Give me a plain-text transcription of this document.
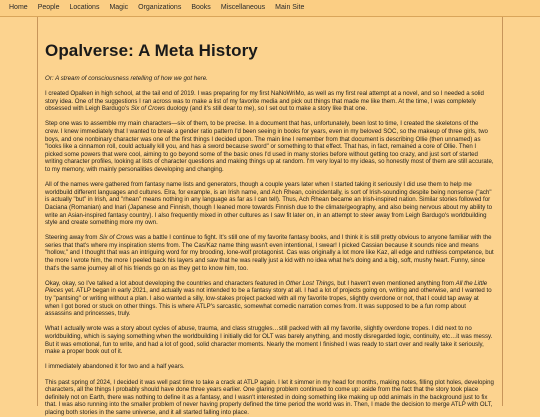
Home	People	Locations	Magic	Organizations	Books	Miscellaneous	Main Site
Opalverse: A Meta History
Or: A stream of consciousness retelling of how we got here.

I created Opalken in high school, at the tail end of 2019. I was preparing for my first NaNoWriMo, as well as my first real attempt at a novel, and so I needed a solid story idea. One of the suggestions I ran across was to make a list of my favorite media and pick out things that made me like them. At the time, I was completely obsessed with Leigh Bardugo's Six of Crows duology (and it's still dear to me), so I set out to make a story like that one.

Step one was to assemble my main characters—six of them, to be precise. In a document that has, unfortunately, been lost to time, I created the skeletons of the crew. I knew immediately that I wanted to break a gender ratio pattern I'd been seeing in books for years, even in my beloved SOC, so the makeup of three girls, two boys, and one nonbinary character was one of the first things I decided upon. The main line I remember from that document is describing Ollie (then unnamed) as "looks like a cinnamon roll, could actually kill you, and has a sword because sword" or something to that effect. That has, in fact, remained a core of Ollie. Then I picked some powers that were cool, aiming to go beyond some of the basic ones I'd used in many stories before without getting too crazy, and just sort of started writing character profiles, looking at lists of character questions and making things up at random. I'm very loyal to my ideas, so honestly most of them are still accurate, to my memory, with mainly personalities developing and changing.

All of the names were gathered from fantasy name lists and generators, though a couple years later when I started taking it seriously I did use them to help me worldbuild different languages and cultures. Elra, for example, is an Irish name, and Ach Rhean, coincidentally, is sort of Irish-sounding despite being nonsense ("ach" is actually "but" in Irish, and "rhean" means nothing in any language as far as I can tell). Thus, Ach Rhean became an Irish-inspired nation. Similar stories followed for Daciana (Romanian) and Inari (Japanese and Finnish, though I leaned more towards Finnish due to the climate/geography, and also being nervous about my ability to write an Asian-inspired fantasy country). I also frequently mixed in other cultures as I saw fit later on, in an attempt to steer away from Leigh Bardugo's worldbuilding style and create something more my own.

Steering away from Six of Crows was a battle I continue to fight. It's still one of my favorite fantasy books, and I think it is still pretty obvious to anyone familiar with the series that that's where my inspiration stems from. The Cas/Kaz name thing wasn't even intentional, I swear! I picked Cassian because it sounds nice and means "hollow," and I thought that was an intriguing word for my brooding, lone-wolf protagonist. Cas was originally a lot more like Kaz, all edge and ruthless competence, but the more I wrote him, the more I peeled back his layers and saw that he was really just a kid with no idea what he's doing and a big, soft, mushy heart. Funny, since that's the same journey all of his friends go on as they get to know him, too.

Okay, okay, so I've talked a lot about developing the countries and characters featured in Other Lost Things, but I haven't even mentioned anything from All the Little Pieces yet. ATLP began in early 2021, and actually was not intended to be a fantasy story at all. I had a lot of projects going on, writing and otherwise, and I wanted to try "pantsing" or writing without a plan. I also wanted a silly, low-stakes project packed with all my favorite tropes, slightly overdone or not, that I could tap away at when I got bored or stuck on other things. This is where ATLP's sarcastic, somewhat comedic narration comes from. It was supposed to be a fun romp about assassins and princesses, truly.

What I actually wrote was a story about cycles of abuse, trauma, and class struggles…still packed with all my favorite, slightly overdone tropes. I did next to no worldbuilding, which is saying something when the worldbuilding I initially did for OLT was barely anything, and mostly disregarded logic, continuity, etc…it was messy. But it was emotional, fun to write, and had a lot of good, solid character moments. Nearly the moment I finished I was ready to start over and really take it seriously, make a proper book out of it.

I immediately abandoned it for two and a half years.

This past spring of 2024, I decided it was well past time to take a crack at ATLP again. I let it simmer in my head for months, making notes, filling plot holes, developing characters, all the things I probably should have done three years earlier. One glaring problem continued to come up: aside from the fact that the story took place definitely not on Earth, there was nothing to define it as a fantasy, and I wasn't interested in doing something like making up odd animals in the background just to fix that. I was also running into the smaller problem of never having properly defined the time period the world was in. Then, I made the decision to merge ATLP with OLT, placing both stories in the same universe, and it all started falling into place.
